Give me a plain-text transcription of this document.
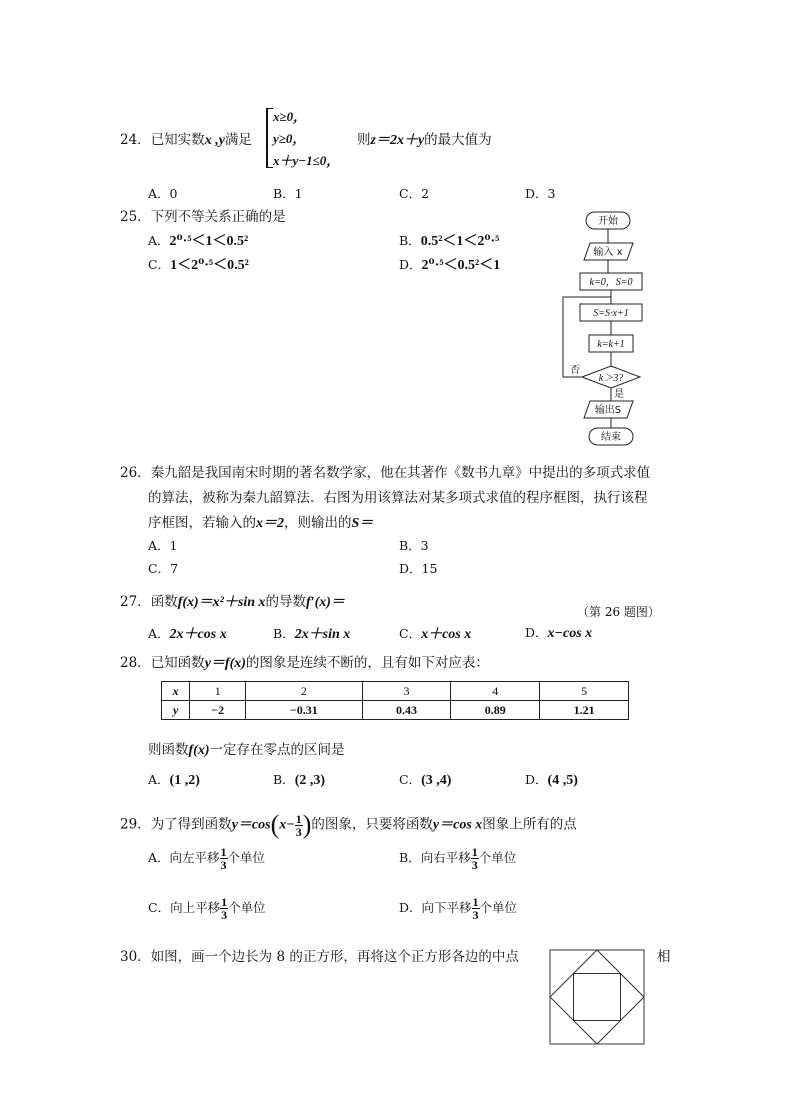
24．已知实数x ,y满足
x≥0，
y≥0，
x＋y−1≤0，
则z＝2x＋y的最大值为
A．0	B．1	C．2	D．3
25．下列不等关系正确的是
A．2⁰·⁵＜1＜0.5²	B．0.5²＜1＜2⁰·⁵
C．1＜2⁰·⁵＜0.5²	D．2⁰·⁵＜0.5²＜1
开始
输入 x
k=0，S=0
S=S·x+1
k=k+1
k＞3?
否
是
输出S
结束
26．秦九韶是我国南宋时期的著名数学家，他在其著作《数书九章》中提出的多项式求值
的算法，被称为秦九韶算法．右图为用该算法对某多项式求值的程序框图，执行该程
序框图，若输入的x＝2，则输出的S＝
A．1	B．3
C．7	D．15
27．函数f(x)＝x²＋sin x的导数f′(x)＝
（第 26 题图）
A．2x＋cos x	B．2x＋sin x	C．x＋cos x	D．x−cos x
28．已知函数y＝f(x)的图象是连续不断的，且有如下对应表：
x	1	2	3	4	5
y	−2	−0.31	0.43	0.89	1.21
则函数f(x)一定存在零点的区间是
A．(1 ,2)	B．(2 ,3)	C．(3 ,4)	D．(4 ,5)
29．为了得到函数$y=\cos(x- \frac{1}{3}$ )的图象，只要将函数y＝cos x图象上所有的点
A．向左平移 $\frac{1}{3}$ 个单位	B．向右平移 $\frac{1}{3}$ 个单位
C．向上平移 $\frac{1}{3}$ 个单位	D．向下平移 $\frac{1}{3}$ 个单位
30．如图，画一个边长为 8 的正方形，再将这个正方形各边的中点	相
